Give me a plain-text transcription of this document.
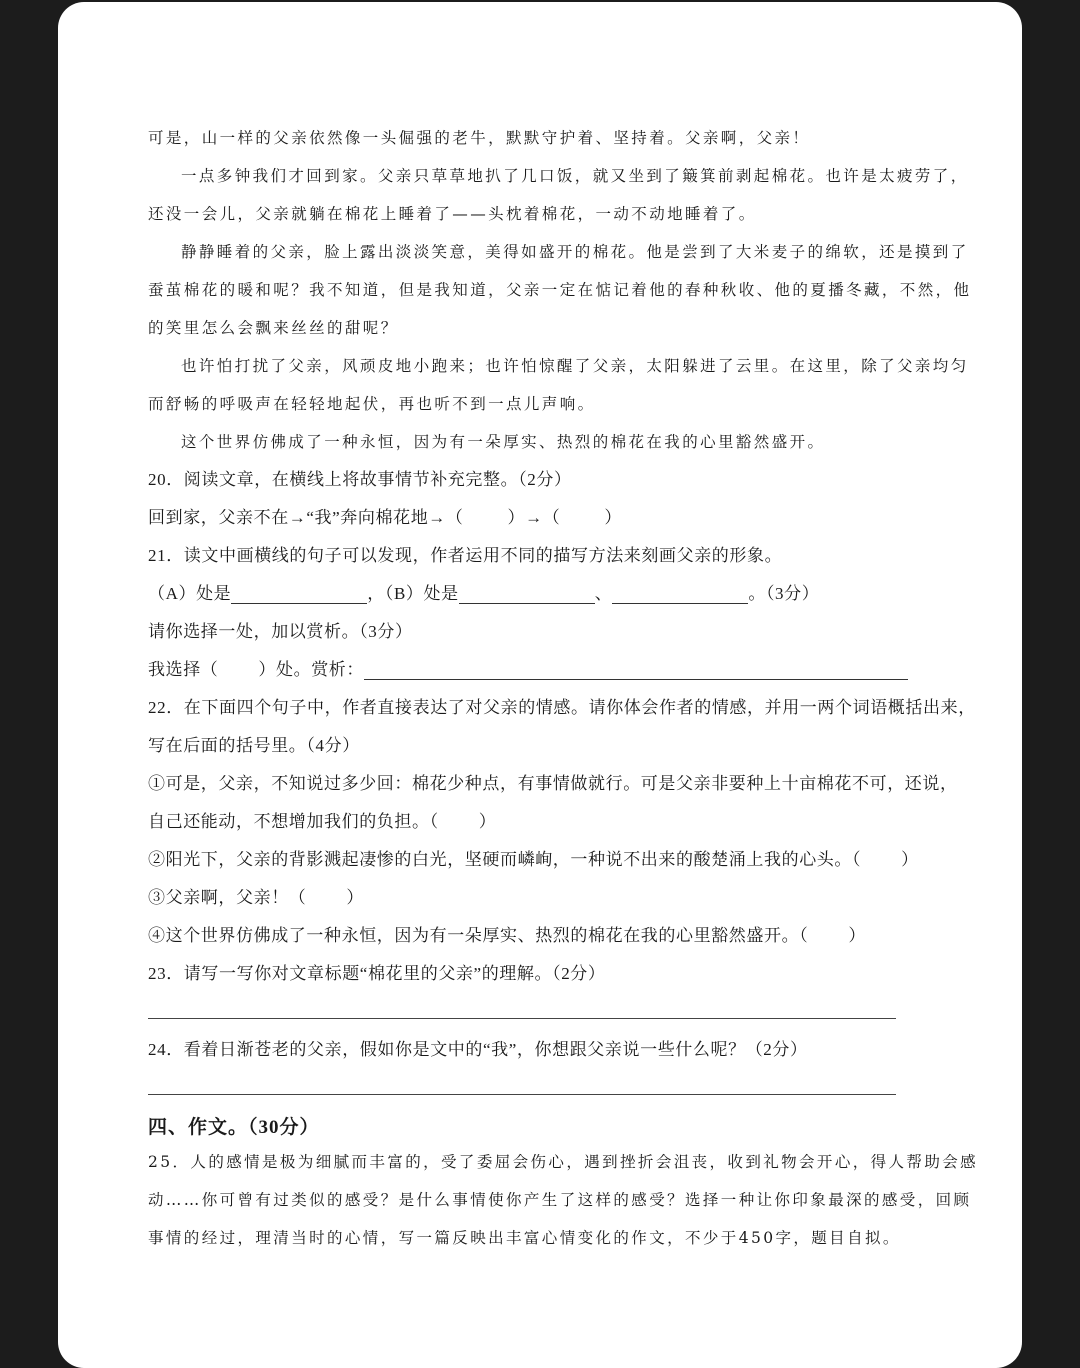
可是，山一样的父亲依然像一头倔强的老牛，默默守护着、坚持着。父亲啊，父亲！
一点多钟我们才回到家。父亲只草草地扒了几口饭，就又坐到了簸箕前剥起棉花。也许是太疲劳了，
还没一会儿，父亲就躺在棉花上睡着了——头枕着棉花，一动不动地睡着了。
静静睡着的父亲，脸上露出淡淡笑意，美得如盛开的棉花。他是尝到了大米麦子的绵软，还是摸到了
蚕茧棉花的暖和呢？我不知道，但是我知道，父亲一定在惦记着他的春种秋收、他的夏播冬藏，不然，他
的笑里怎么会飘来丝丝的甜呢？
也许怕打扰了父亲，风顽皮地小跑来；也许怕惊醒了父亲，太阳躲进了云里。在这里，除了父亲均匀
而舒畅的呼吸声在轻轻地起伏，再也听不到一点儿声响。
这个世界仿佛成了一种永恒，因为有一朵厚实、热烈的棉花在我的心里豁然盛开。
20．阅读文章，在横线上将故事情节补充完整。（2分）
回到家，父亲不在→“我”奔向棉花地→（	）→（	）
21．读文中画横线的句子可以发现，作者运用不同的描写方法来刻画父亲的形象。
（A）处是	，（B）处是	、	。（3分）
请你选择一处，加以赏析。（3分）
我选择（ ）处。赏析：
22．在下面四个句子中，作者直接表达了对父亲的情感。请你体会作者的情感，并用一两个词语概括出来，
写在后面的括号里。（4分）
①可是，父亲，不知说过多少回：棉花少种点，有事情做就行。可是父亲非要种上十亩棉花不可，还说，
自己还能动，不想增加我们的负担。（ ）
②阳光下，父亲的背影溅起凄惨的白光，坚硬而嶙峋，一种说不出来的酸楚涌上我的心头。（ ）
③父亲啊，父亲！（ ）
④这个世界仿佛成了一种永恒，因为有一朵厚实、热烈的棉花在我的心里豁然盛开。（ ）
23．请写一写你对文章标题“棉花里的父亲”的理解。（2分）
24．看着日渐苍老的父亲，假如你是文中的“我”，你想跟父亲说一些什么呢？（2分）
四、作文。（30分）
25．人的感情是极为细腻而丰富的，受了委屈会伤心，遇到挫折会沮丧，收到礼物会开心，得人帮助会感
动……你可曾有过类似的感受？是什么事情使你产生了这样的感受？选择一种让你印象最深的感受，回顾
事情的经过，理清当时的心情，写一篇反映出丰富心情变化的作文，不少于450字，题目自拟。
